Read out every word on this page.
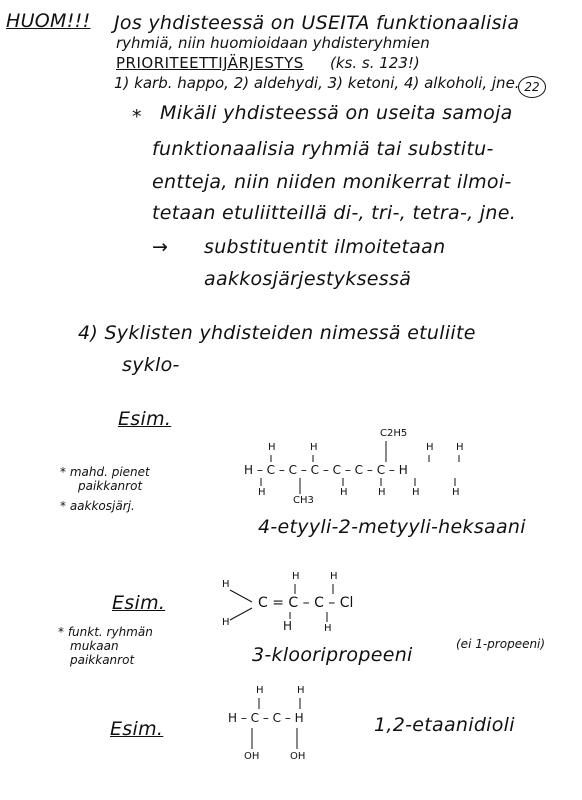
HUOM!!! Jos yhdisteessä on USEITA funktionaalisia
ryhmiä, niin huomioidaan yhdisteryhmien
PRIORITEETTIJÄRJESTYS (ks. s. 123!)
1) karb. happo, 2) aldehydi, 3) ketoni, 4) alkoholi, jne. 22
* Mikäli yhdisteessä on useita samoja
funktionaalisia ryhmiä tai substitu-
entteja, niin niiden monikerrat ilmoi-
tetaan etuliitteillä di-, tri-, tetra-, jne.
→ substituentit ilmoitetaan
aakkosjärjestyksessä
4) Syklisten yhdisteiden nimessä etuliite
syklo-
Esim.
* mahd. pienet
paikkanrot
* aakkosjärj.
H	H
C2H5
H H
H – C – C – C – C – C – C – H
H
CH3
H	H	H	H
4-etyyli-2-metyyli-heksaani
Esim.
* funkt. ryhmän
mukaan
paikkanrot
H
H
H	H
C = C – C – Cl
H	H
3-klooripropeeni	(ei 1-propeeni)
Esim.
H	H
H – C – C – H
OH	OH
1,2-etaanidioli
